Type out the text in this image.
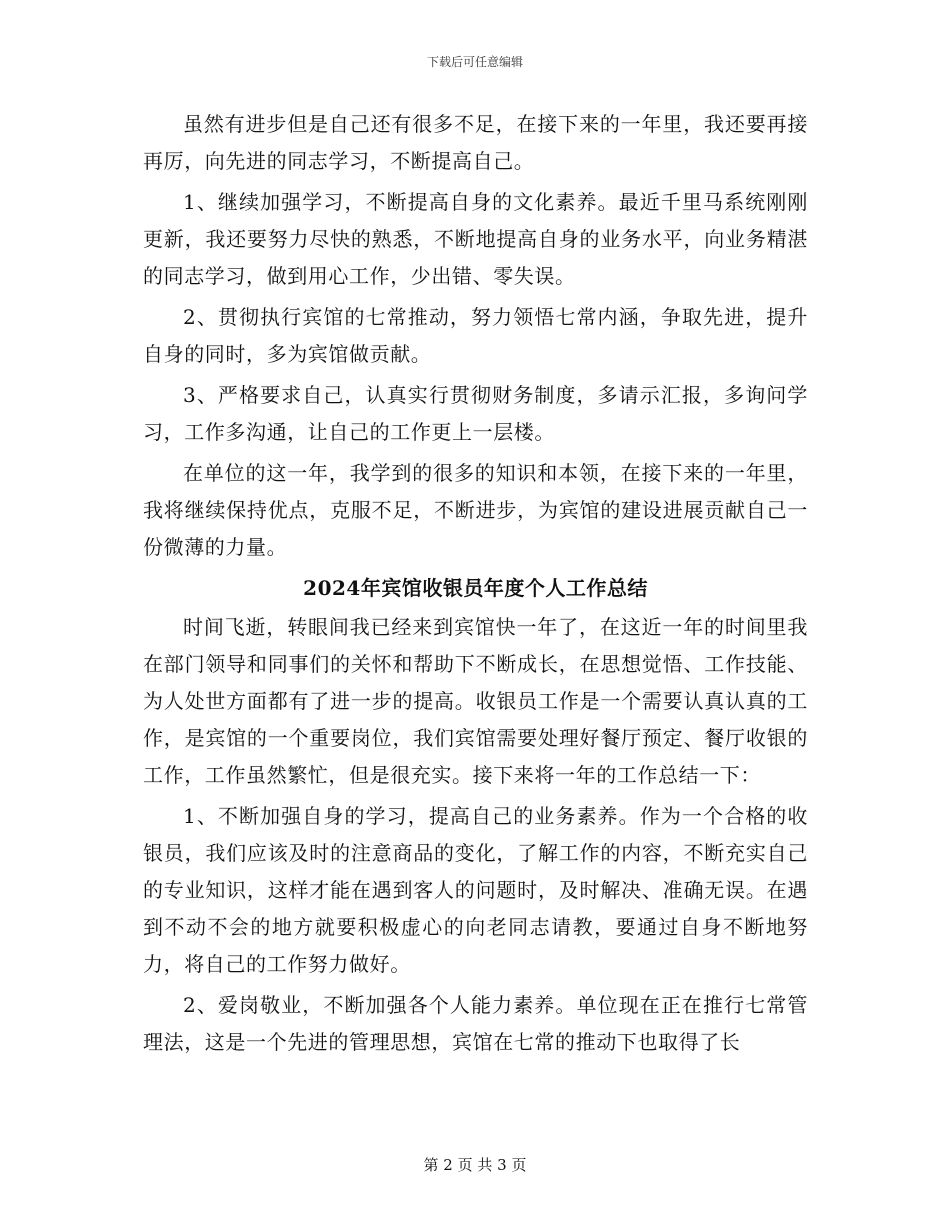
下载后可任意编辑

虽然有进步但是自己还有很多不足，在接下来的一年里，我还要再接再厉，向先进的同志学习，不断提高自己。

1、继续加强学习，不断提高自身的文化素养。最近千里马系统刚刚更新，我还要努力尽快的熟悉，不断地提高自身的业务水平，向业务精湛的同志学习，做到用心工作，少出错、零失误。

2、贯彻执行宾馆的七常推动，努力领悟七常内涵，争取先进，提升自身的同时，多为宾馆做贡献。

3、严格要求自己，认真实行贯彻财务制度，多请示汇报，多询问学习，工作多沟通，让自己的工作更上一层楼。

在单位的这一年，我学到的很多的知识和本领，在接下来的一年里，我将继续保持优点，克服不足，不断进步，为宾馆的建设进展贡献自己一份微薄的力量。

2024年宾馆收银员年度个人工作总结

时间飞逝，转眼间我已经来到宾馆快一年了，在这近一年的时间里我在部门领导和同事们的关怀和帮助下不断成长，在思想觉悟、工作技能、为人处世方面都有了进一步的提高。收银员工作是一个需要认真认真的工作，是宾馆的一个重要岗位，我们宾馆需要处理好餐厅预定、餐厅收银的工作，工作虽然繁忙，但是很充实。接下来将一年的工作总结一下：

1、不断加强自身的学习，提高自己的业务素养。作为一个合格的收银员，我们应该及时的注意商品的变化，了解工作的内容，不断充实自己的专业知识，这样才能在遇到客人的问题时，及时解决、准确无误。在遇到不动不会的地方就要积极虚心的向老同志请教，要通过自身不断地努力，将自己的工作努力做好。

2、爱岗敬业，不断加强各个人能力素养。单位现在正在推行七常管理法，这是一个先进的管理思想，宾馆在七常的推动下也取得了长

第 2 页 共 3 页
